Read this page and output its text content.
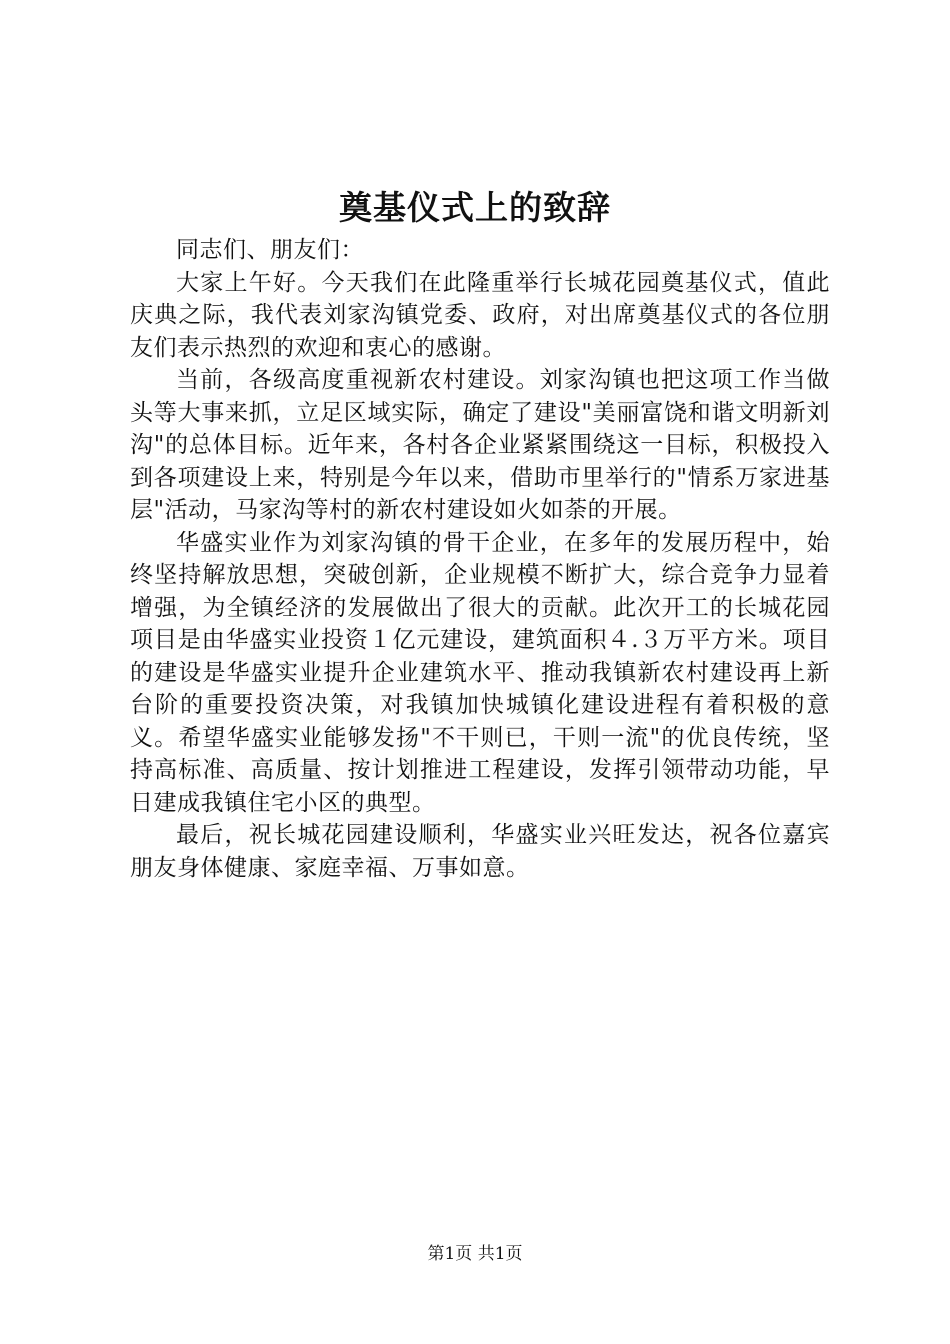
奠基仪式上的致辞

同志们、朋友们：

大家上午好。今天我们在此隆重举行长城花园奠基仪式，值此庆典之际，我代表刘家沟镇党委、政府，对出席奠基仪式的各位朋友们表示热烈的欢迎和衷心的感谢。

当前，各级高度重视新农村建设。刘家沟镇也把这项工作当做头等大事来抓，立足区域实际，确定了建设"美丽富饶和谐文明新刘沟"的总体目标。近年来，各村各企业紧紧围绕这一目标，积极投入到各项建设上来，特别是今年以来，借助市里举行的"情系万家进基层"活动，马家沟等村的新农村建设如火如荼的开展。

华盛实业作为刘家沟镇的骨干企业，在多年的发展历程中，始终坚持解放思想，突破创新，企业规模不断扩大，综合竞争力显着增强，为全镇经济的发展做出了很大的贡献。此次开工的长城花园项目是由华盛实业投资１亿元建设，建筑面积４.３万平方米。项目的建设是华盛实业提升企业建筑水平、推动我镇新农村建设再上新台阶的重要投资决策，对我镇加快城镇化建设进程有着积极的意义。希望华盛实业能够发扬"不干则已，干则一流"的优良传统，坚持高标准、高质量、按计划推进工程建设，发挥引领带动功能，早日建成我镇住宅小区的典型。

最后，祝长城花园建设顺利，华盛实业兴旺发达，祝各位嘉宾朋友身体健康、家庭幸福、万事如意。

第1页 共1页
